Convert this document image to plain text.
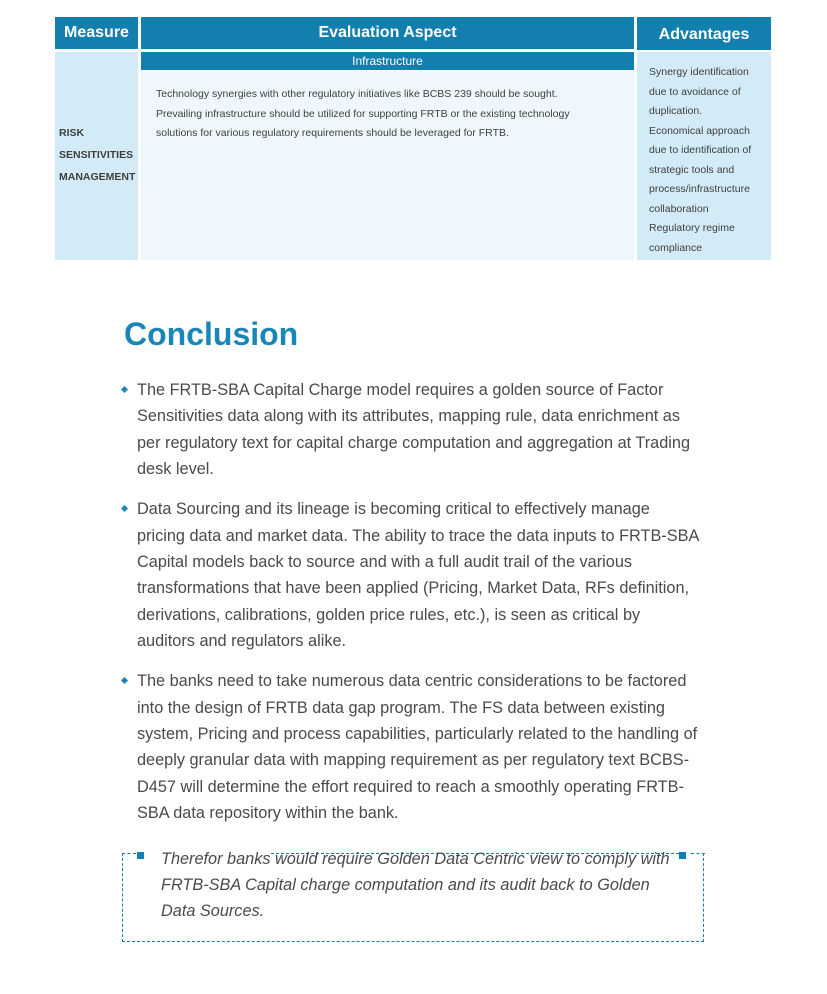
Measure	Evaluation Aspect	Advantages
RISK
SENSITIVITIES
MANAGEMENT
Infrastructure
Technology synergies with other regulatory initiatives like BCBS 239 should be sought.
Prevailing infrastructure should be utilized for supporting FRTB or the existing technology
solutions for various regulatory requirements should be leveraged for FRTB.
Synergy identification
due to avoidance of
duplication.
Economical approach
due to identification of
strategic tools and
process/infrastructure
collaboration
Regulatory regime
compliance
Conclusion
The FRTB-SBA Capital Charge model requires a golden source of Factor Sensitivities data along with its attributes, mapping rule, data enrichment as per regulatory text for capital charge computation and aggregation at Trading desk level.
Data Sourcing and its lineage is becoming critical to effectively manage pricing data and market data. The ability to trace the data inputs to FRTB-SBA Capital models back to source and with a full audit trail of the various transformations that have been applied (Pricing, Market Data, RFs definition, derivations, calibrations, golden price rules, etc.), is seen as critical by auditors and regulators alike.
The banks need to take numerous data centric considerations to be factored into the design of FRTB data gap program. The FS data between existing system, Pricing and process capabilities, particularly related to the handling of deeply granular data with mapping requirement as per regulatory text BCBS-D457 will determine the effort required to reach a smoothly operating FRTB-SBA data repository within the bank.
Therefor banks would require Golden Data Centric view to comply with FRTB-SBA Capital charge computation and its audit back to Golden Data Sources.
